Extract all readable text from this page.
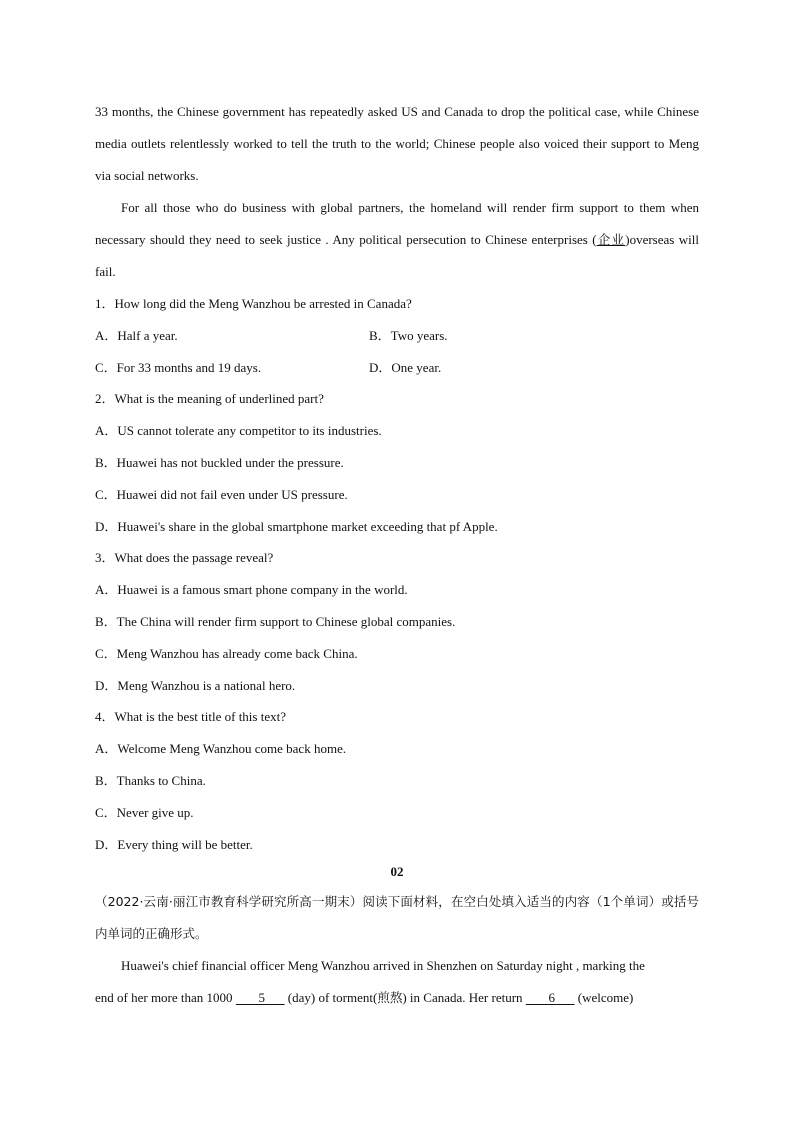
33 months, the Chinese government has repeatedly asked US and Canada to drop the political case, while Chinese media outlets relentlessly worked to tell the truth to the world; Chinese people also voiced their support to Meng via social networks.

For all those who do business with global partners, the homeland will render firm support to them when necessary should they need to seek justice . Any political persecution to Chinese enterprises (企业)overseas will fail.

1．How long did the Meng Wanzhou be arrested in Canada?
A．Half a year.	B．Two years.
C．For 33 months and 19 days.	D．One year.
2．What is the meaning of underlined part?
A．US cannot tolerate any competitor to its industries.
B．Huawei has not buckled under the pressure.
C．Huawei did not fail even under US pressure.
D．Huawei's share in the global smartphone market exceeding that pf Apple.
3．What does the passage reveal?
A．Huawei is a famous smart phone company in the world.
B．The China will render firm support to Chinese global companies.
C．Meng Wanzhou has already come back China.
D．Meng Wanzhou is a national hero.
4．What is the best title of this text?
A．Welcome Meng Wanzhou come back home.
B．Thanks to China.
C．Never give up.
D．Every thing will be better.
02

（2022·云南·丽江市教育科学研究所高一期末）阅读下面材料，在空白处填入适当的内容（1个单词）或括号内单词的正确形式。

Huawei's chief financial officer Meng Wanzhou arrived in Shenzhen on Saturday night , marking the

end of her more than 1000        5       (day) of torment(煎熬) in Canada. Her return        6       (welcome)
